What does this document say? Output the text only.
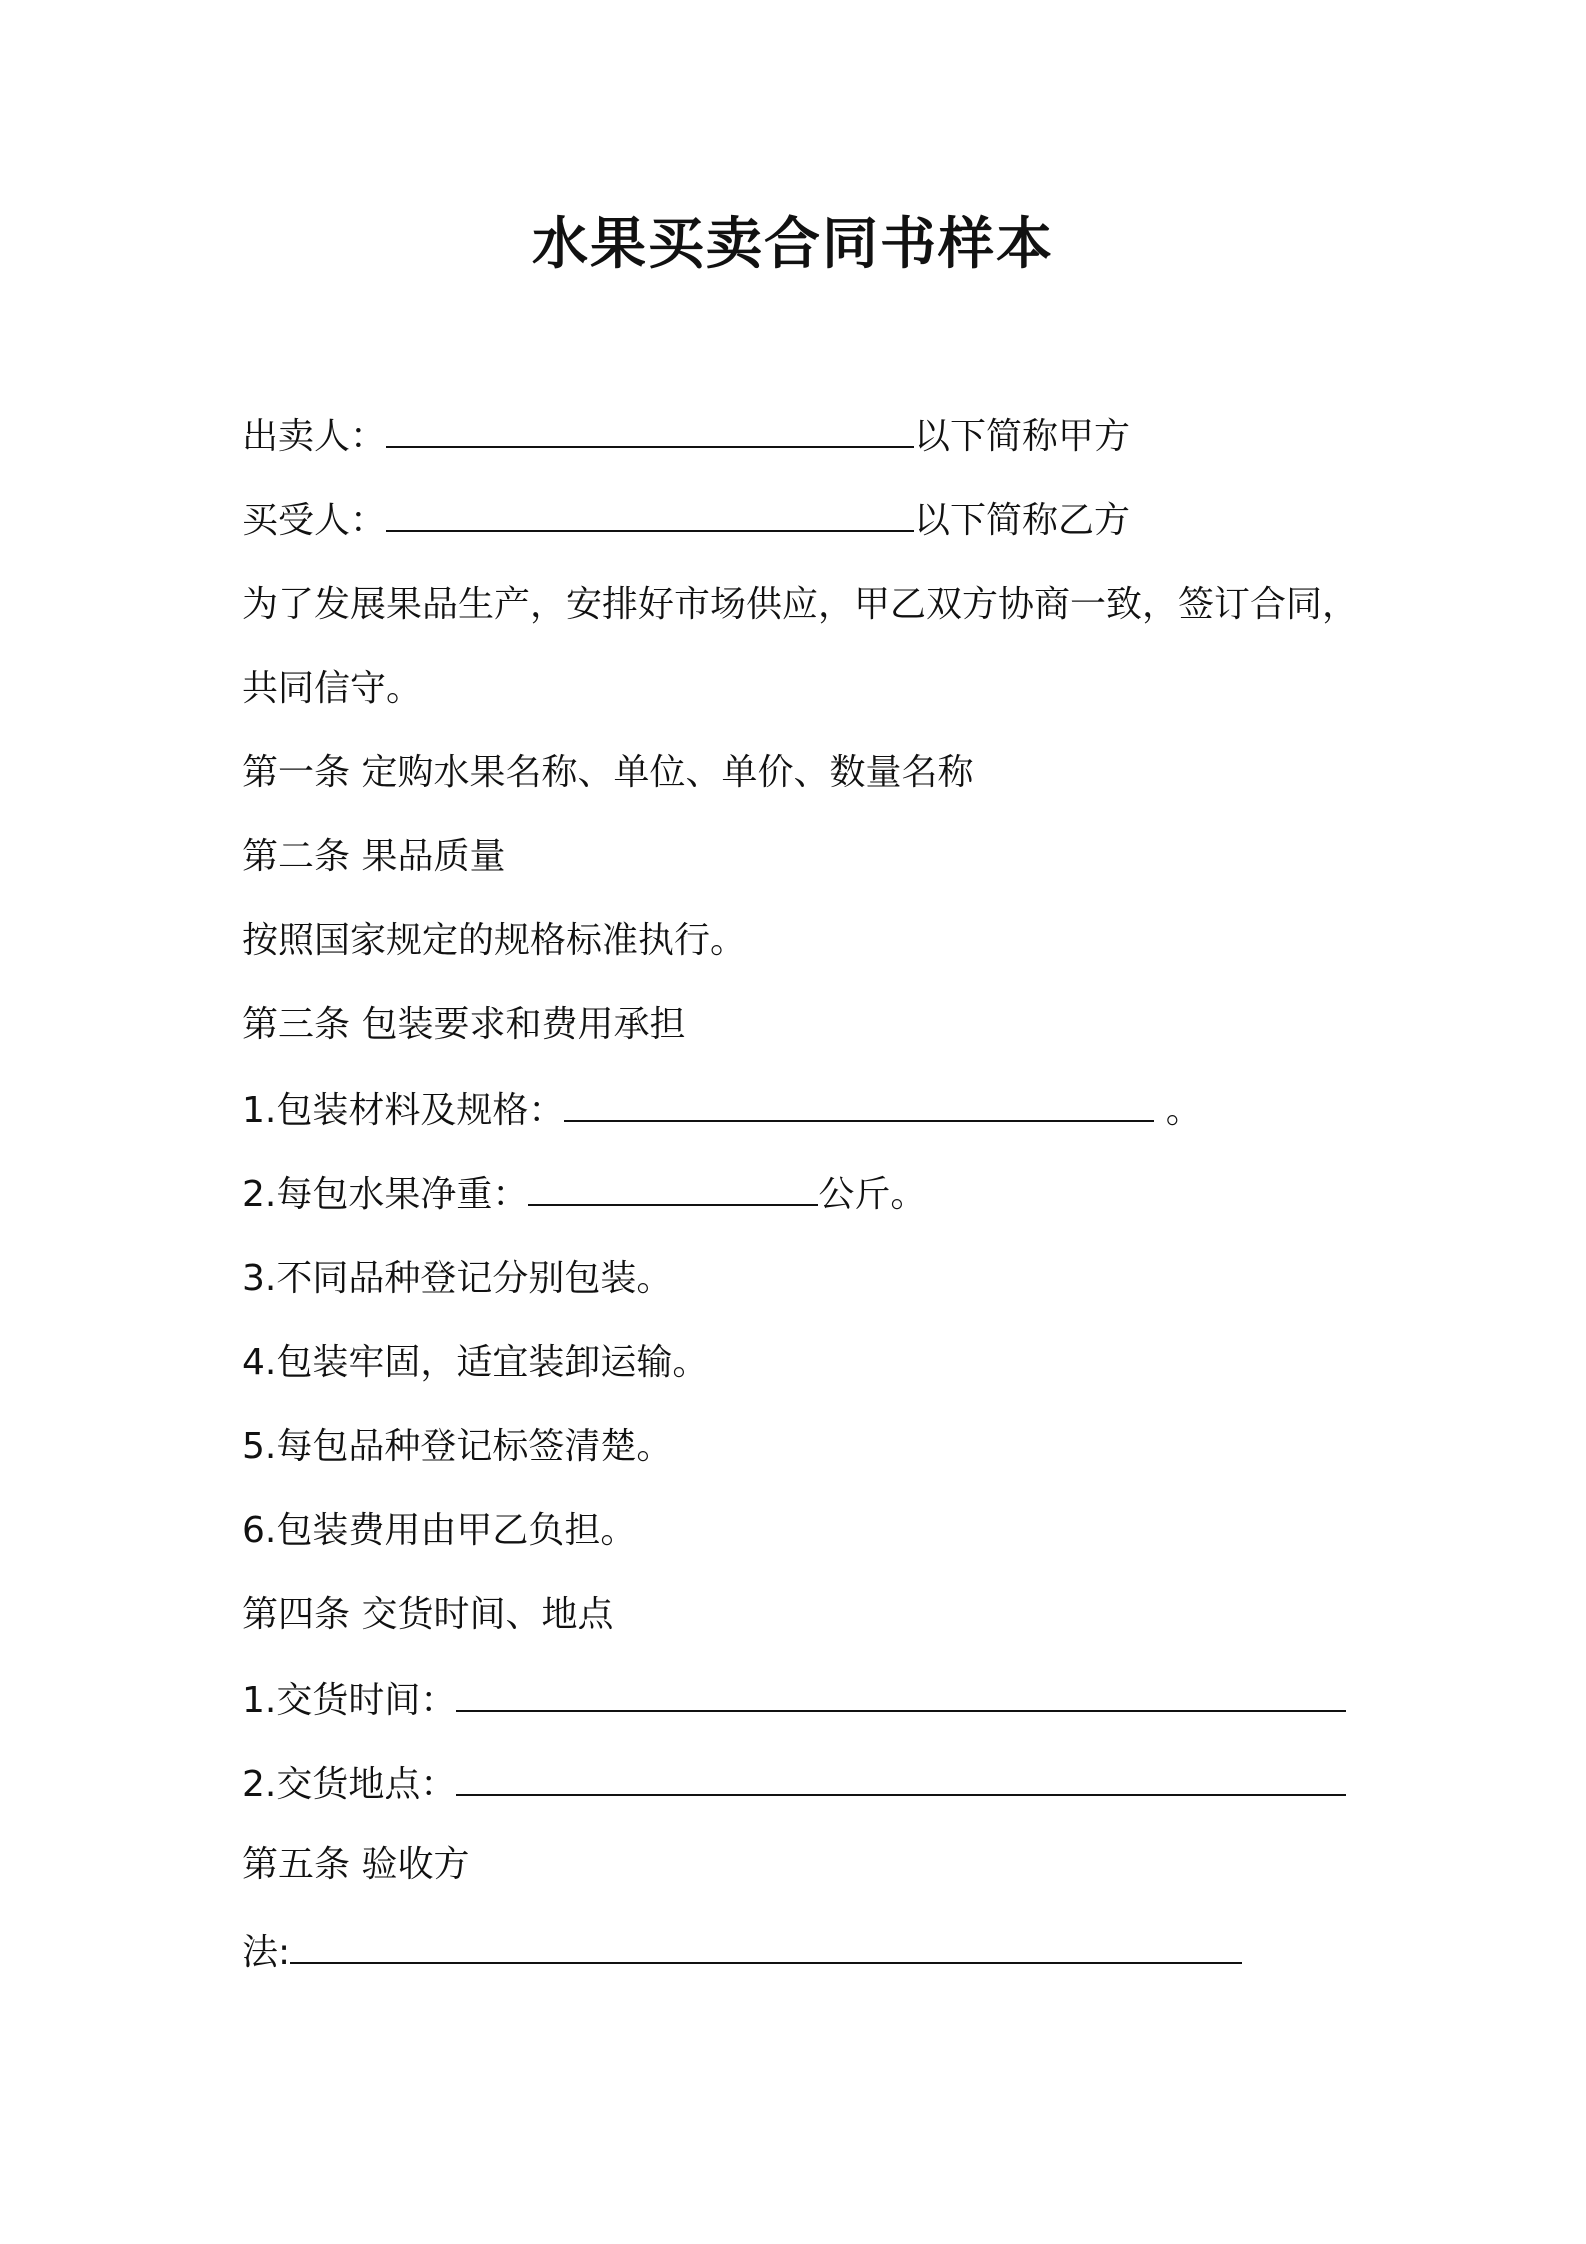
水果买卖合同书样本
出卖人：	以下简称甲方
买受人：	以下简称乙方
为了发展果品生产，安排好市场供应，甲乙双方协商一致，签订合同，
共同信守。
第一条 定购水果名称、单位、单价、数量名称
第二条 果品质量
按照国家规定的规格标准执行。
第三条 包装要求和费用承担
1.包装材料及规格：	。
2.每包水果净重：	公斤。
3.不同品种登记分别包装。
4.包装牢固，适宜装卸运输。
5.每包品种登记标签清楚。
6.包装费用由甲乙负担。
第四条 交货时间、地点
1.交货时间：
2.交货地点：
第五条 验收方
法:
